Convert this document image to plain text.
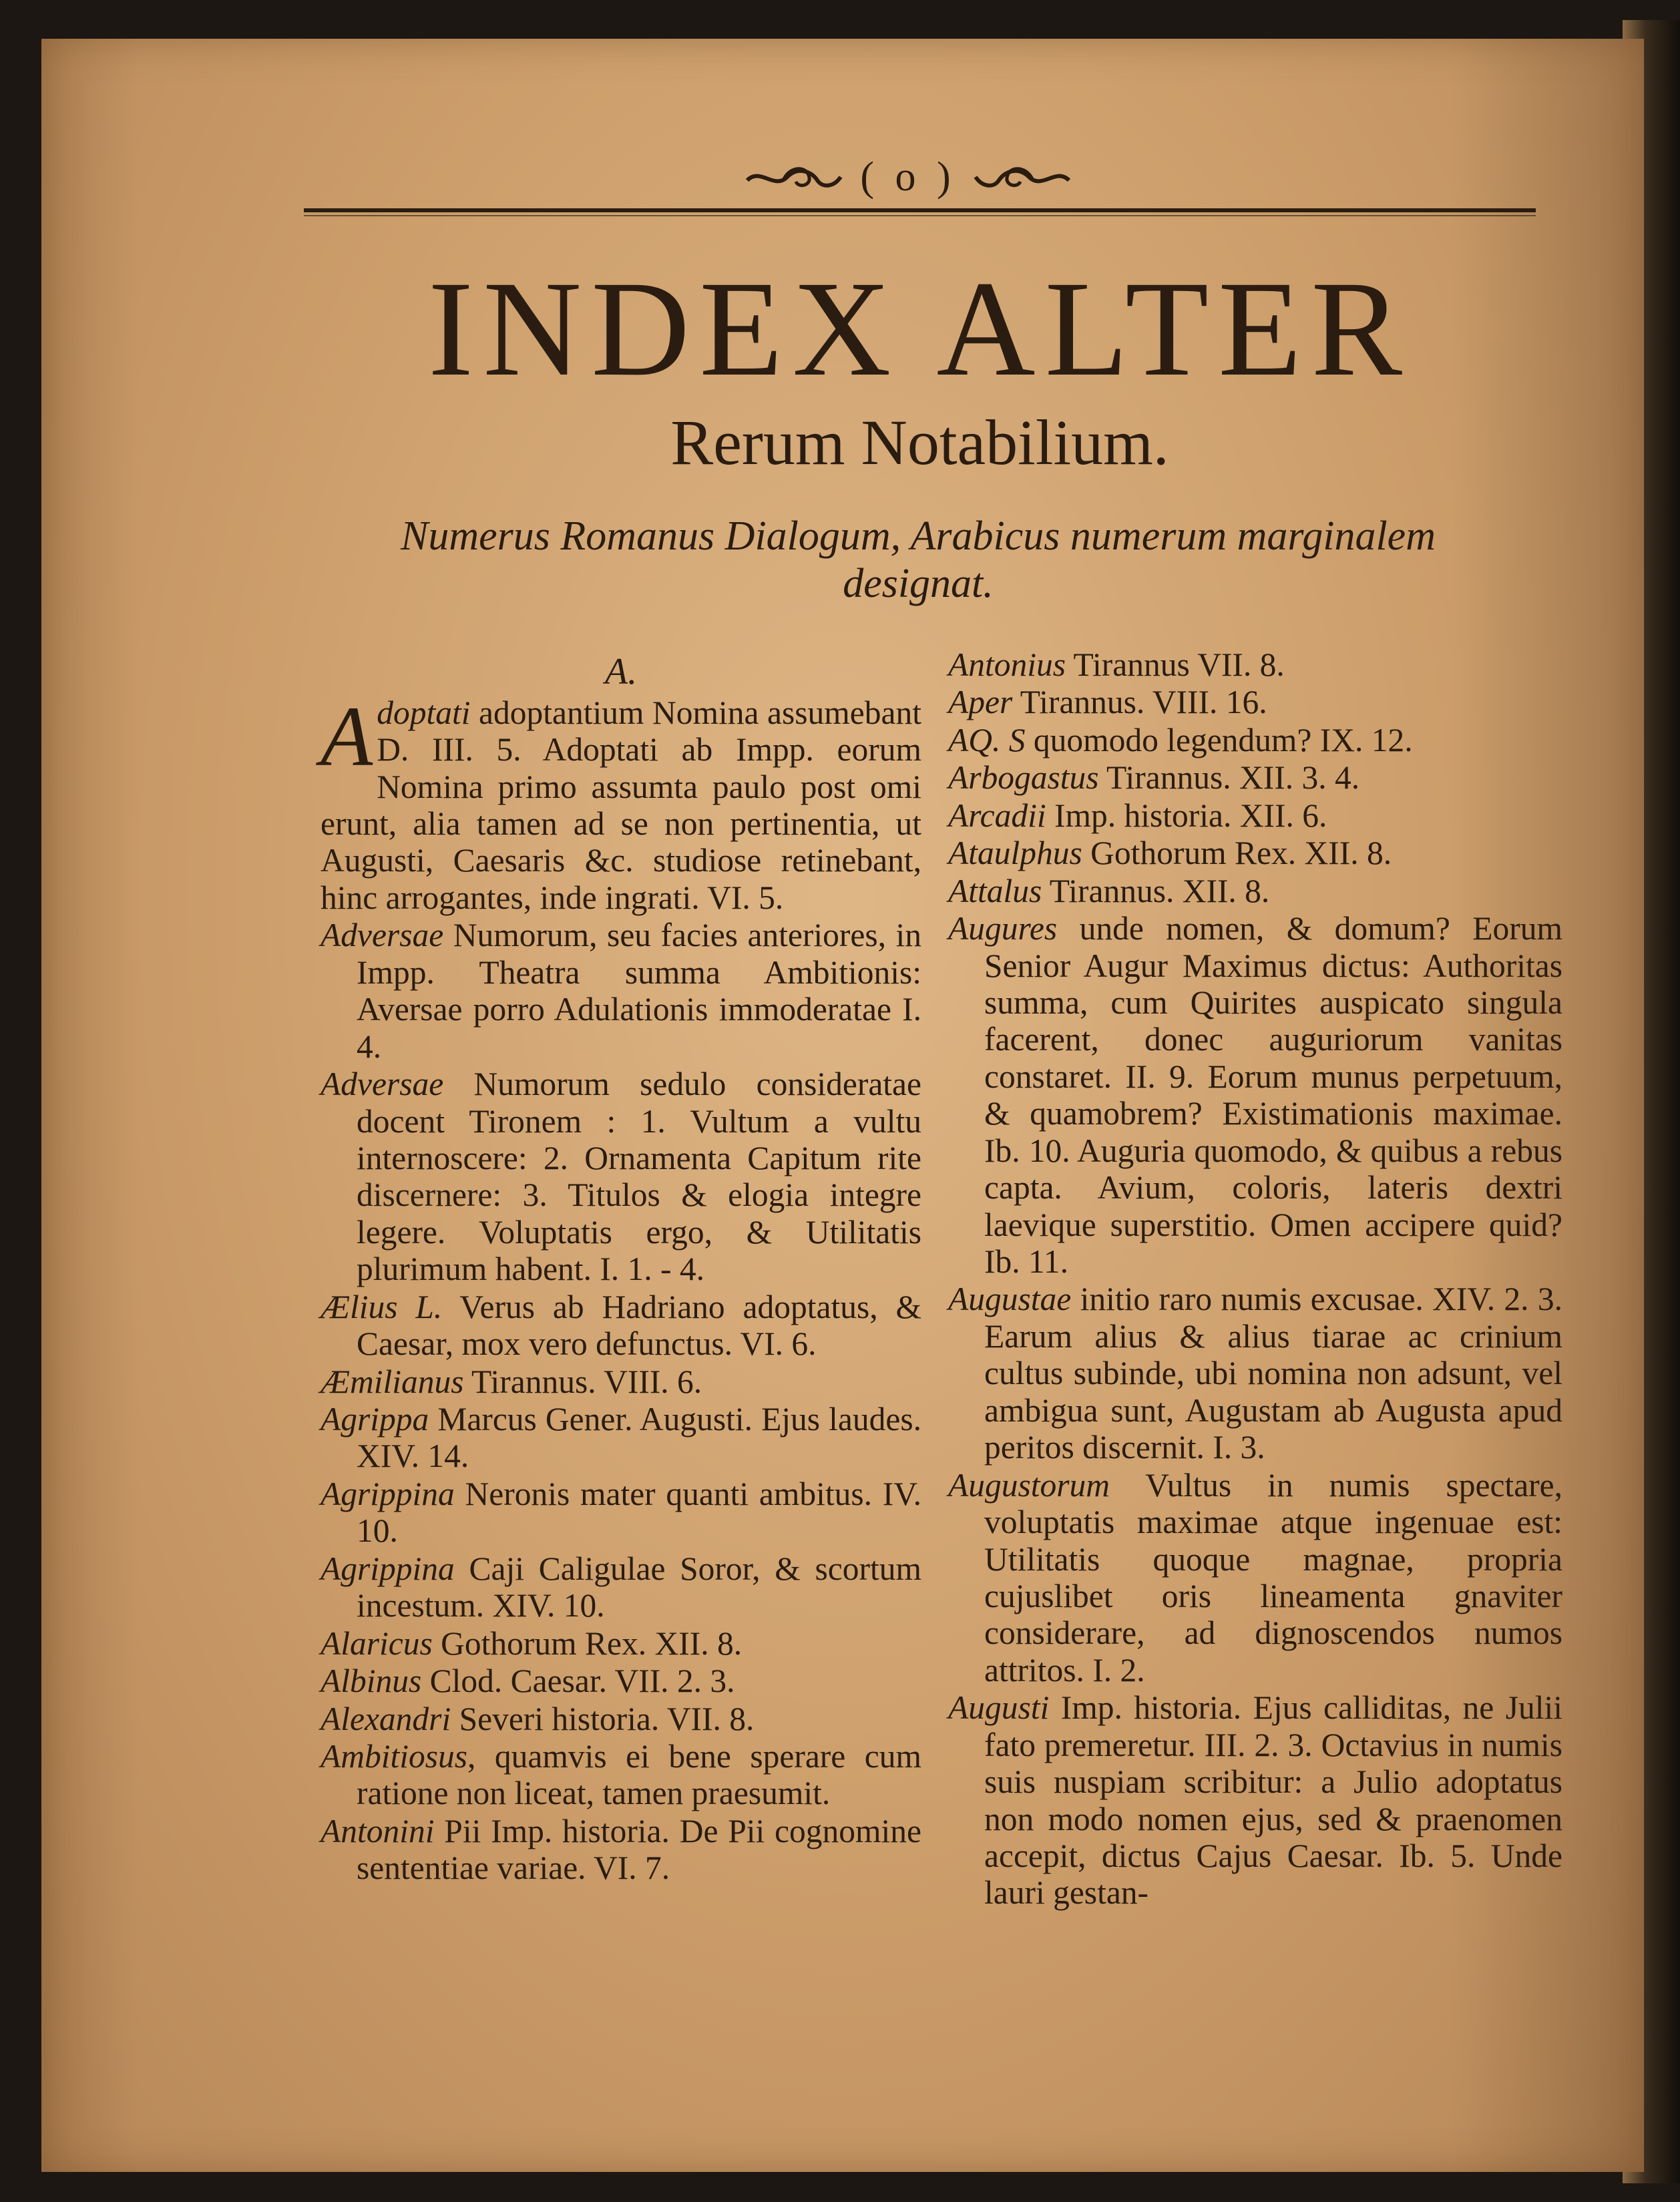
( o )
INDEX ALTER
Rerum Notabilium.
Numerus Romanus Dialogum, Arabicus numerum marginalem designat.
A.

Adoptati adoptantium Nomina assumebant D. III. 5. Adoptati ab Impp. eorum Nomina primo assumta paulo post omi erunt, alia tamen ad se non pertinentia, ut Augusti, Caesaris &c. studiose retinebant, hinc arrogantes, inde ingrati. VI. 5.

Adversae Numorum, seu facies anteriores, in Impp. Theatra summa Ambitionis: Aversae porro Adulationis immoderatae I. 4.

Adversae Numorum sedulo consideratae docent Tironem : 1. Vultum a vultu internoscere: 2. Ornamenta Capitum rite discernere: 3. Titulos & elogia integre legere. Voluptatis ergo, & Utilitatis plurimum habent. I. 1. - 4.

Ælius L. Verus ab Hadriano adoptatus, & Caesar, mox vero defunctus. VI. 6.

Æmilianus Tirannus. VIII. 6.

Agrippa Marcus Gener. Augusti. Ejus laudes. XIV. 14.

Agrippina Neronis mater quanti ambitus. IV. 10.

Agrippina Caji Caligulae Soror, & scortum incestum. XIV. 10.

Alaricus Gothorum Rex. XII. 8.

Albinus Clod. Caesar. VII. 2. 3.

Alexandri Severi historia. VII. 8.

Ambitiosus, quamvis ei bene sperare cum ratione non liceat, tamen praesumit.

Antonini Pii Imp. historia. De Pii cognomine sententiae variae. VI. 7.

Antonius Tirannus VII. 8.

Aper Tirannus. VIII. 16.

AQ. S quomodo legendum? IX. 12.

Arbogastus Tirannus. XII. 3. 4.

Arcadii Imp. historia. XII. 6.

Ataulphus Gothorum Rex. XII. 8.

Attalus Tirannus. XII. 8.

Augures unde nomen, & domum? Eorum Senior Augur Maximus dictus: Authoritas summa, cum Quirites auspicato singula facerent, donec auguriorum vanitas constaret. II. 9. Eorum munus perpetuum, & quamobrem? Existimationis maximae. Ib. 10. Auguria quomodo, & quibus a rebus capta. Avium, coloris, lateris dextri laevique superstitio. Omen accipere quid? Ib. 11.

Augustae initio raro numis excusae. XIV. 2. 3. Earum alius & alius tiarae ac crinium cultus subinde, ubi nomina non adsunt, vel ambigua sunt, Augustam ab Augusta apud peritos discernit. I. 3.

Augustorum Vultus in numis spectare, voluptatis maximae atque ingenuae est: Utilitatis quoque magnae, propria cujuslibet oris lineamenta gnaviter considerare, ad dignoscendos numos attritos. I. 2.

Augusti Imp. historia. Ejus calliditas, ne Julii fato premeretur. III. 2. 3. Octavius in numis suis nuspiam scribitur: a Julio adoptatus non modo nomen ejus, sed & praenomen accepit, dictus Cajus Caesar. Ib. 5. Unde lauri gestan-
